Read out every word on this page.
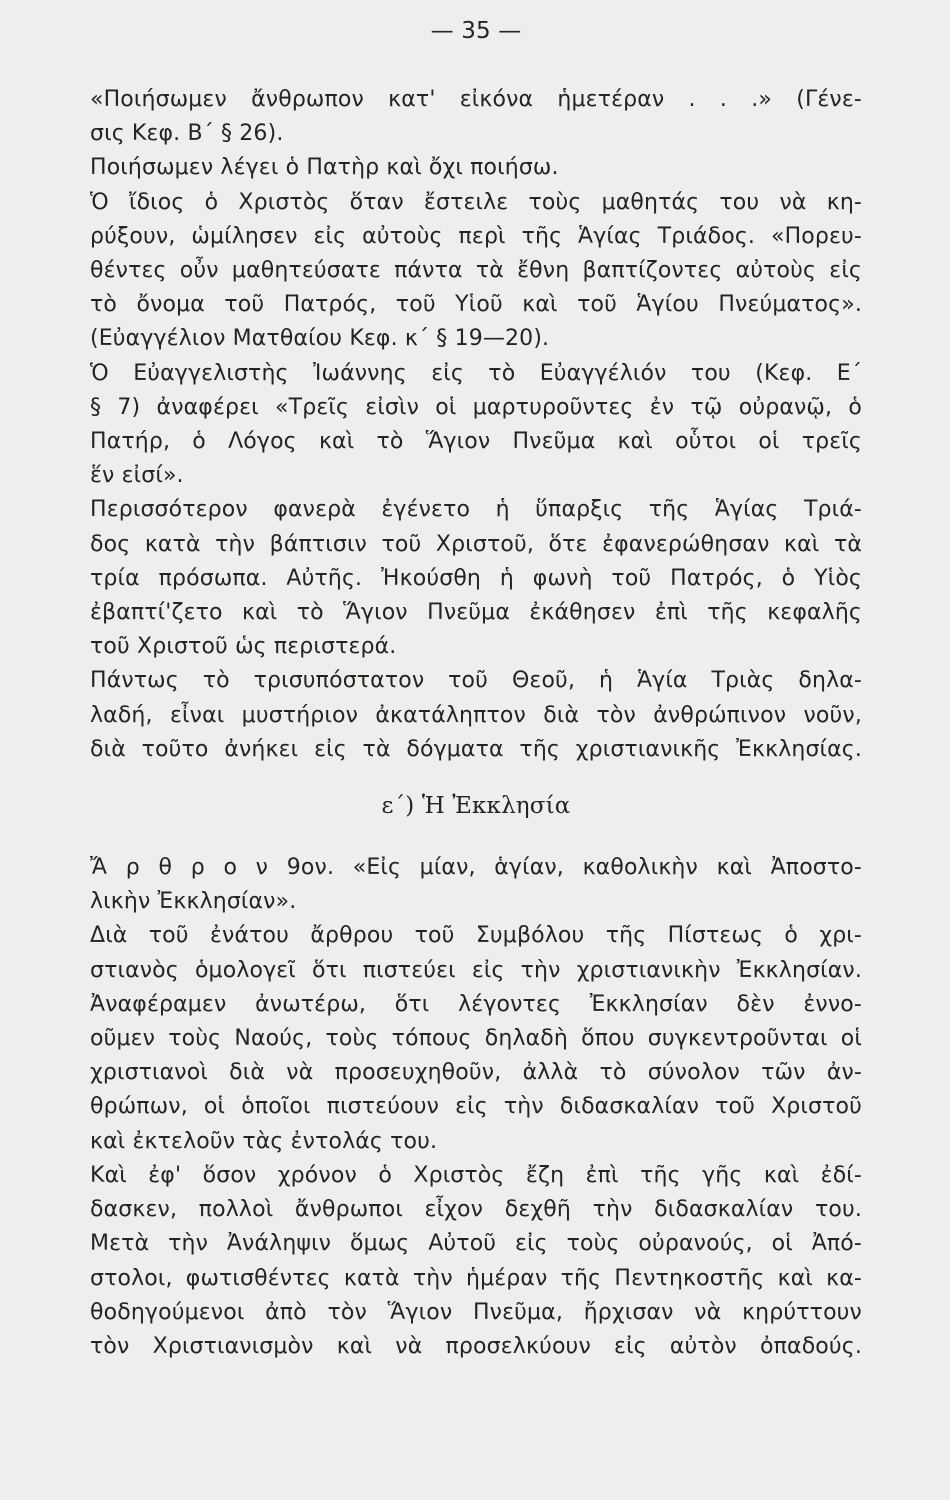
— 35 —
«Ποιήσωμεν ἄνθρωπον κατ' εἰκόνα ἡμετέραν . . .» (Γένε-
σις Κεφ. Β΄ § 26).
Ποιήσωμεν λέγει ὁ Πατὴρ καὶ ὄχι ποιήσω.
Ὁ ἴδιος ὁ Χριστὸς ὅταν ἔστειλε τοὺς μαθητάς του νὰ κη-
ρύξουν, ὡμίλησεν εἰς αὐτοὺς περὶ τῆς Ἁγίας Τριάδος. «Πορευ-
θέντες οὖν μαθητεύσατε πάντα τὰ ἔθνη βαπτίζοντες αὐτοὺς εἰς
τὸ ὄνομα τοῦ Πατρός, τοῦ Υἱοῦ καὶ τοῦ Ἁγίου Πνεύματος».
(Εὐαγγέλιον Ματθαίου Κεφ. κ΄ § 19—20).
Ὁ Εὐαγγελιστὴς Ἰωάννης εἰς τὸ Εὐαγγέλιόν του (Κεφ. Ε΄
§ 7) ἀναφέρει «Τρεῖς εἰσὶν οἱ μαρτυροῦντες ἐν τῷ οὐρανῷ, ὁ
Πατήρ, ὁ Λόγος καὶ τὸ Ἅγιον Πνεῦμα καὶ οὗτοι οἱ τρεῖς
ἕν εἰσί».
Περισσότερον φανερὰ ἐγένετο ἡ ὕπαρξις τῆς Ἁγίας Τριά-
δος κατὰ τὴν βάπτισιν τοῦ Χριστοῦ, ὅτε ἐφανερώθησαν καὶ τὰ
τρία πρόσωπα. Αὐτῆς. Ἠκούσθη ἡ φωνὴ τοῦ Πατρός, ὁ Υἱὸς
ἐβαπτί'ζετο καὶ τὸ Ἅγιον Πνεῦμα ἐκάθησεν ἐπὶ τῆς κεφαλῆς
τοῦ Χριστοῦ ὡς περιστερά.
Πάντως τὸ τρισυπόστατον τοῦ Θεοῦ, ἡ Ἁγία Τριὰς δηλα-
λαδή, εἶναι μυστήριον ἀκατάληπτον διὰ τὸν ἀνθρώπινον νοῦν,
διὰ τοῦτο ἀνήκει εἰς τὰ δόγματα τῆς χριστιανικῆς Ἐκκλησίας.
ε΄) Ἡ Ἐκκλησία
Ἄ ρ θ ρ ο ν 9ον. «Εἰς μίαν, ἁγίαν, καθολικὴν καὶ Ἀποστο-
λικὴν Ἐκκλησίαν».
Διὰ τοῦ ἐνάτου ἄρθρου τοῦ Συμβόλου τῆς Πίστεως ὁ χρι-
στιανὸς ὁμολογεῖ ὅτι πιστεύει εἰς τὴν χριστιανικὴν Ἐκκλησίαν.
Ἀναφέραμεν ἀνωτέρω, ὅτι λέγοντες Ἐκκλησίαν δὲν ἐννο-
οῦμεν τοὺς Ναούς, τοὺς τόπους δηλαδὴ ὅπου συγκεντροῦνται οἱ
χριστιανοὶ διὰ νὰ προσευχηθοῦν, ἀλλὰ τὸ σύνολον τῶν ἀν-
θρώπων, οἱ ὁποῖοι πιστεύουν εἰς τὴν διδασκαλίαν τοῦ Χριστοῦ
καὶ ἐκτελοῦν τὰς ἐντολάς του.
Καὶ ἐφ' ὅσον χρόνον ὁ Χριστὸς ἔζη ἐπὶ τῆς γῆς καὶ ἐδί-
δασκεν, πολλοὶ ἄνθρωποι εἶχον δεχθῆ τὴν διδασκαλίαν του.
Μετὰ τὴν Ἀνάληψιν ὅμως Αὐτοῦ εἰς τοὺς οὐρανούς, οἱ Ἀπό-
στολοι, φωτισθέντες κατὰ τὴν ἡμέραν τῆς Πεντηκοστῆς καὶ κα-
θοδηγούμενοι ἀπὸ τὸν Ἅγιον Πνεῦμα, ἤρχισαν νὰ κηρύττουν
τὸν Χριστιανισμὸν καὶ νὰ προσελκύουν εἰς αὐτὸν ὀπαδούς.
